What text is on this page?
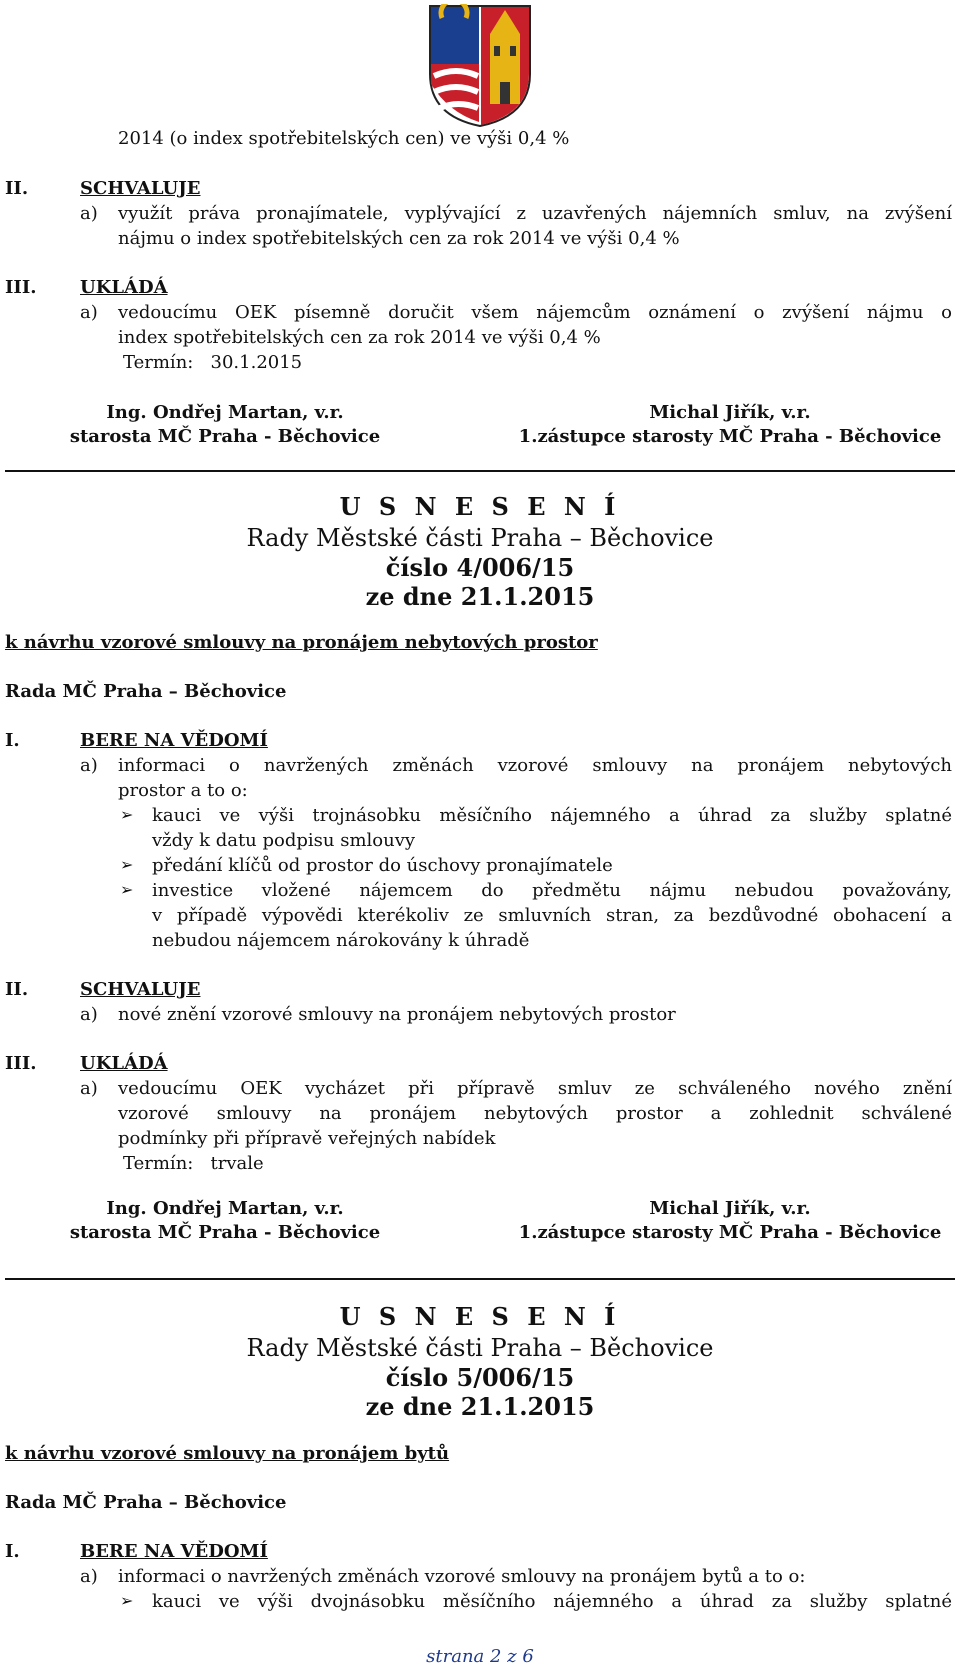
2014 (o index spotřebitelských cen) ve výši 0,4 %
II.	SCHVALUJE
a) využít práva pronajímatele, vyplývající z uzavřených nájemních smluv, na zvýšení
nájmu o index spotřebitelských cen za rok 2014 ve výši 0,4 %
III. UKLÁDÁ
a) vedoucímu OEK písemně doručit všem nájemcům oznámení o zvýšení nájmu o
index spotřebitelských cen za rok 2014 ve výši 0,4 %
Termín:   30.1.2015
Ing. Ondřej Martan, v.r.
starosta MČ Praha - Běchovice
Michal Jiřík, v.r.
1.zástupce starosty MČ Praha - Běchovice
U S N E S E N Í
Rady Městské části Praha – Běchovice
číslo 4/006/15
ze dne 21.1.2015
k návrhu vzorové smlouvy na pronájem nebytových prostor
Rada MČ Praha – Běchovice
I.	BERE NA VĚDOMÍ
a) informaci o navržených změnách vzorové smlouvy na pronájem nebytových
prostor a to o:
➢ kauci ve výši trojnásobku měsíčního nájemného a úhrad za služby splatné
vždy k datu podpisu smlouvy
➢ předání klíčů od prostor do úschovy pronajímatele
➢ investice vložené nájemcem do předmětu nájmu nebudou považovány,
v případě výpovědi kterékoliv ze smluvních stran, za bezdůvodné obohacení a
nebudou nájemcem nárokovány k úhradě
II.	SCHVALUJE
a) nové znění vzorové smlouvy na pronájem nebytových prostor
III. UKLÁDÁ
a) vedoucímu OEK vycházet při přípravě smluv ze schváleného nového znění
vzorové smlouvy na pronájem nebytových prostor a zohlednit schválené
podmínky při přípravě veřejných nabídek
Termín:   trvale
Ing. Ondřej Martan, v.r.
starosta MČ Praha - Běchovice
Michal Jiřík, v.r.
1.zástupce starosty MČ Praha - Běchovice
U S N E S E N Í
Rady Městské části Praha – Běchovice
číslo 5/006/15
ze dne 21.1.2015
k návrhu vzorové smlouvy na pronájem bytů
Rada MČ Praha – Běchovice
I.	BERE NA VĚDOMÍ
a) informaci o navržených změnách vzorové smlouvy na pronájem bytů a to o:
➢ kauci ve výši dvojnásobku měsíčního nájemného a úhrad za služby splatné
strana 2 z 6
